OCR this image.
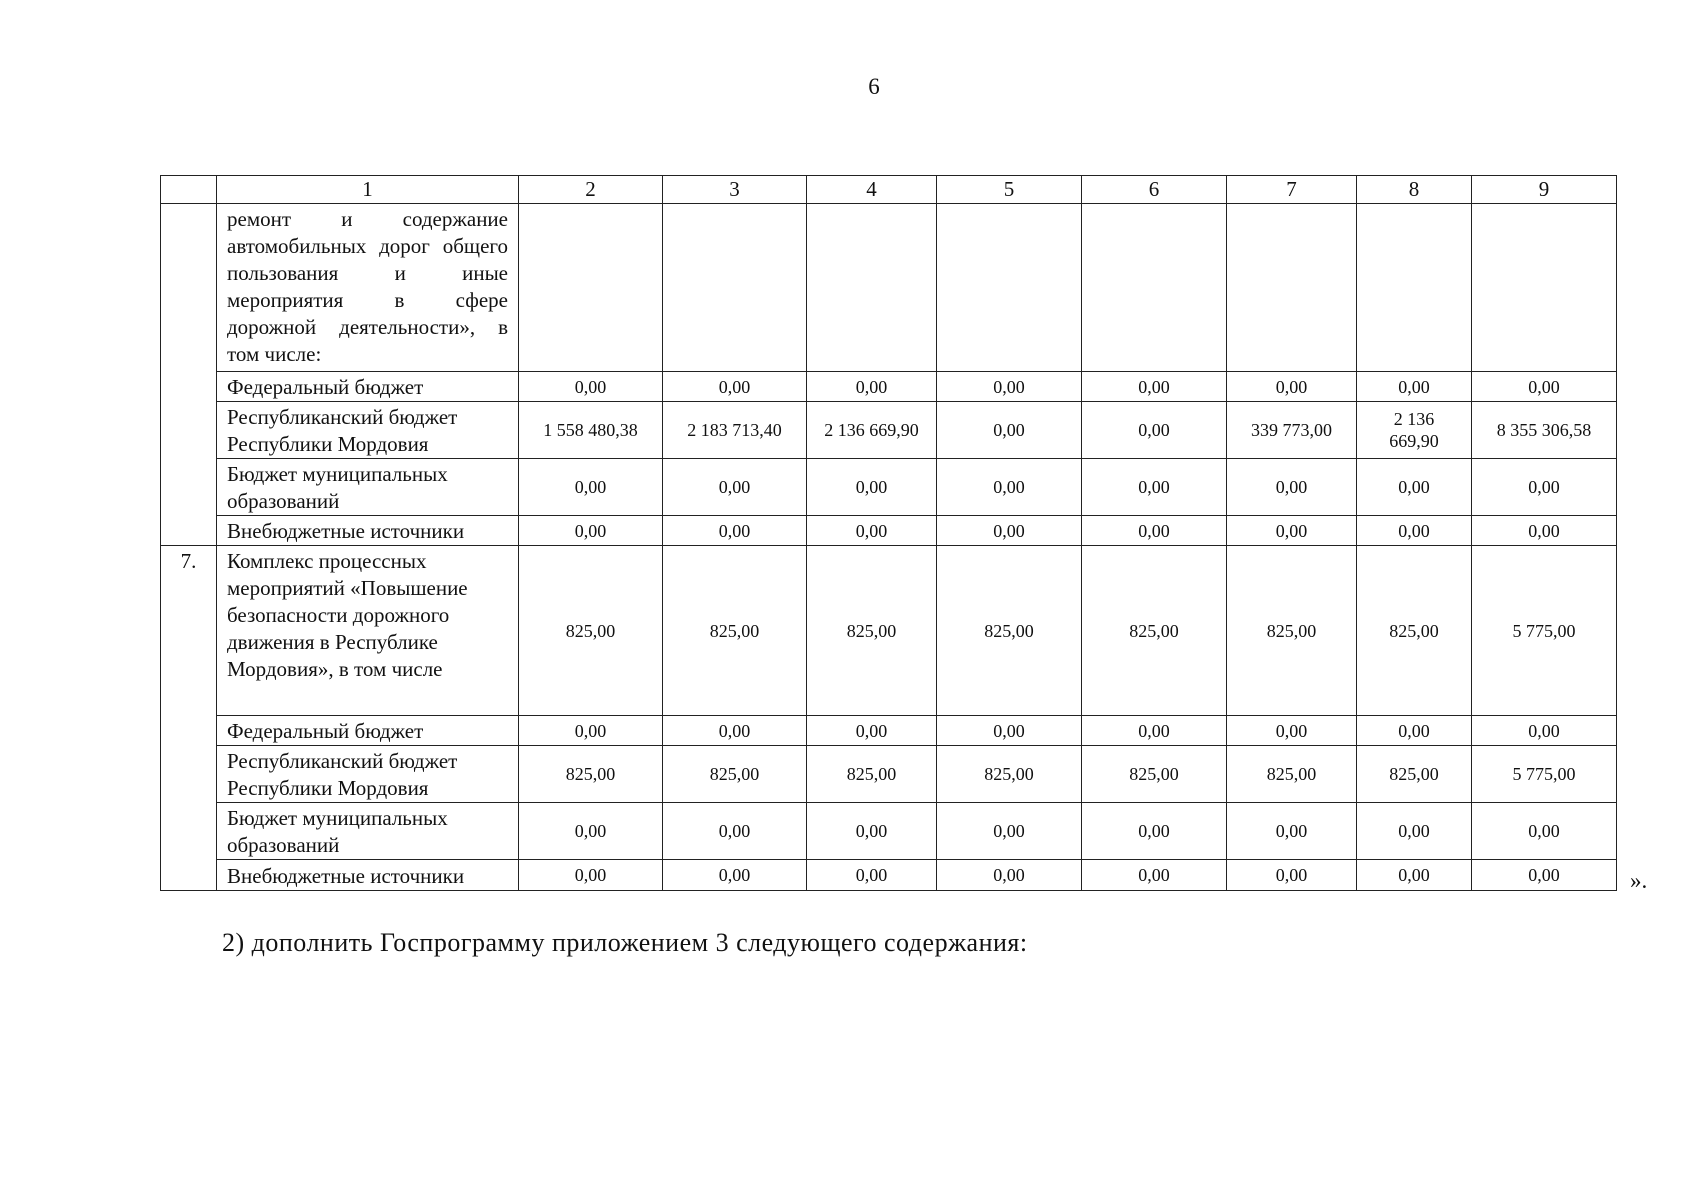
6
	1	2	3	4	5	6	7	8	9
	ремонт и содержание автомобильных дорог общего пользования и иные мероприятия в сфере дорожной деятельности», в том числе:								
	Федеральный бюджет	0,00	0,00	0,00	0,00	0,00	0,00	0,00	0,00
	Республиканский бюджет Республики Мордовия	1 558 480,38	2 183 713,40	2 136 669,90	0,00	0,00	339 773,00	2 136 669,90	8 355 306,58
	Бюджет муниципальных образований	0,00	0,00	0,00	0,00	0,00	0,00	0,00	0,00
	Внебюджетные источники	0,00	0,00	0,00	0,00	0,00	0,00	0,00	0,00
7.	Комплекс процессных мероприятий «Повышение безопасности дорожного движения в Республике Мордовия», в том числе	825,00	825,00	825,00	825,00	825,00	825,00	825,00	5 775,00
	Федеральный бюджет	0,00	0,00	0,00	0,00	0,00	0,00	0,00	0,00
	Республиканский бюджет Республики Мордовия	825,00	825,00	825,00	825,00	825,00	825,00	825,00	5 775,00
	Бюджет муниципальных образований	0,00	0,00	0,00	0,00	0,00	0,00	0,00	0,00
	Внебюджетные источники	0,00	0,00	0,00	0,00	0,00	0,00	0,00	0,00	».
2) дополнить Госпрограмму приложением 3 следующего содержания:
